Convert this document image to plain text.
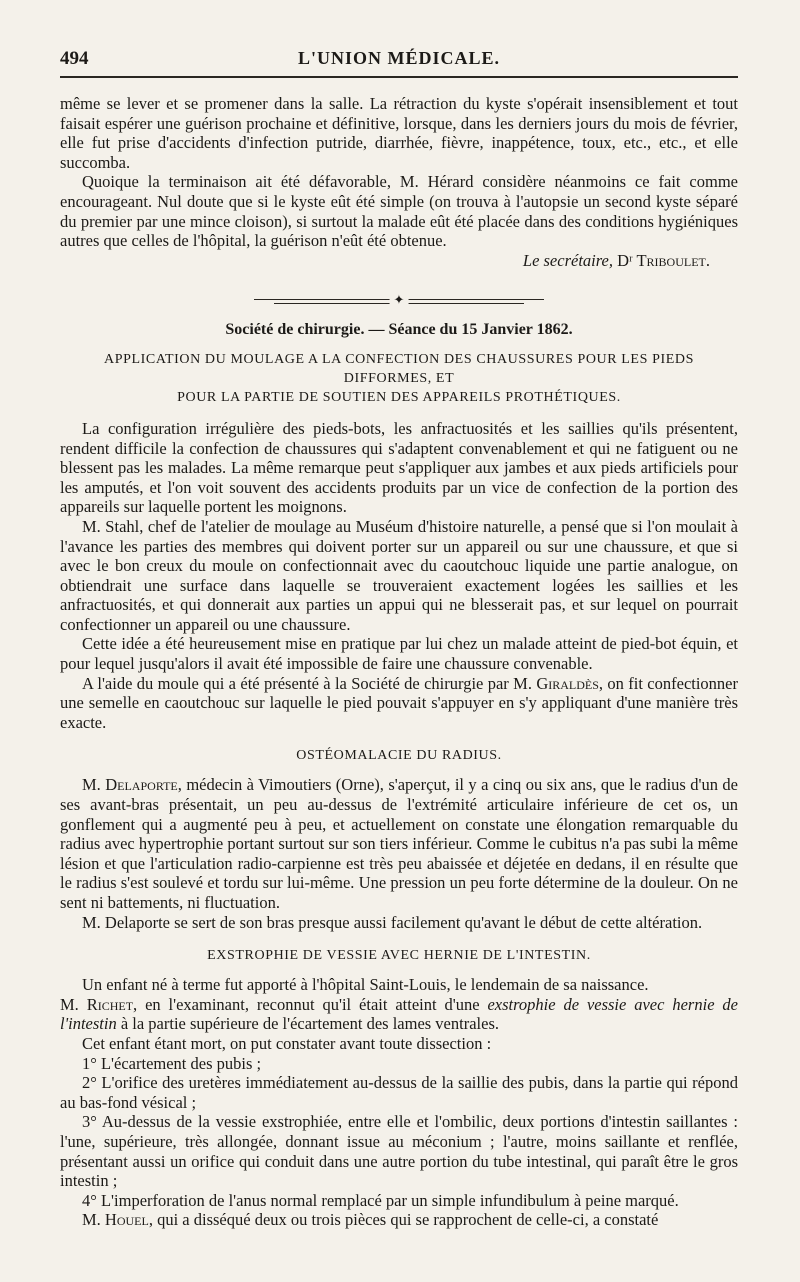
494	L'UNION MÉDICALE.

même se lever et se promener dans la salle. La rétraction du kyste s'opérait insensiblement et tout faisait espérer une guérison prochaine et définitive, lorsque, dans les derniers jours du mois de février, elle fut prise d'accidents d'infection putride, diarrhée, fièvre, inappétence, toux, etc., etc., et elle succomba.

Quoique la terminaison ait été défavorable, M. Hérard considère néanmoins ce fait comme encourageant. Nul doute que si le kyste eût été simple (on trouva à l'autopsie un second kyste séparé du premier par une mince cloison), si surtout la malade eût été placée dans des conditions hygiéniques autres que celles de l'hôpital, la guérison n'eût été obtenue.

Le secrétaire, Dʳ Triboulet.

✦

Société de chirurgie. — Séance du 15 Janvier 1862.

APPLICATION DU MOULAGE A LA CONFECTION DES CHAUSSURES POUR LES PIEDS DIFFORMES, ET
POUR LA PARTIE DE SOUTIEN DES APPAREILS PROTHÉTIQUES.

La configuration irrégulière des pieds-bots, les anfractuosités et les saillies qu'ils présentent, rendent difficile la confection de chaussures qui s'adaptent convenablement et qui ne fatiguent ou ne blessent pas les malades. La même remarque peut s'appliquer aux jambes et aux pieds artificiels pour les amputés, et l'on voit souvent des accidents produits par un vice de confection de la portion des appareils sur laquelle portent les moignons.

M. Stahl, chef de l'atelier de moulage au Muséum d'histoire naturelle, a pensé que si l'on moulait à l'avance les parties des membres qui doivent porter sur un appareil ou sur une chaussure, et que si avec le bon creux du moule on confectionnait avec du caoutchouc liquide une partie analogue, on obtiendrait une surface dans laquelle se trouveraient exactement logées les saillies et les anfractuosités, et qui donnerait aux parties un appui qui ne blesserait pas, et sur lequel on pourrait confectionner un appareil ou une chaussure.

Cette idée a été heureusement mise en pratique par lui chez un malade atteint de pied-bot équin, et pour lequel jusqu'alors il avait été impossible de faire une chaussure convenable.

A l'aide du moule qui a été présenté à la Société de chirurgie par M. Giraldès, on fit confectionner une semelle en caoutchouc sur laquelle le pied pouvait s'appuyer en s'y appliquant d'une manière très exacte.

OSTÉOMALACIE DU RADIUS.

M. Delaporte, médecin à Vimoutiers (Orne), s'aperçut, il y a cinq ou six ans, que le radius d'un de ses avant-bras présentait, un peu au-dessus de l'extrémité articulaire inférieure de cet os, un gonflement qui a augmenté peu à peu, et actuellement on constate une élongation remarquable du radius avec hypertrophie portant surtout sur son tiers inférieur. Comme le cubitus n'a pas subi la même lésion et que l'articulation radio-carpienne est très peu abaissée et déjetée en dedans, il en résulte que le radius s'est soulevé et tordu sur lui-même. Une pression un peu forte détermine de la douleur. On ne sent ni battements, ni fluctuation.

M. Delaporte se sert de son bras presque aussi facilement qu'avant le début de cette altération.

EXSTROPHIE DE VESSIE AVEC HERNIE DE L'INTESTIN.

Un enfant né à terme fut apporté à l'hôpital Saint-Louis, le lendemain de sa naissance.

M. Richet, en l'examinant, reconnut qu'il était atteint d'une exstrophie de vessie avec hernie de l'intestin à la partie supérieure de l'écartement des lames ventrales.

Cet enfant étant mort, on put constater avant toute dissection :

1° L'écartement des pubis ;

2° L'orifice des uretères immédiatement au-dessus de la saillie des pubis, dans la partie qui répond au bas-fond vésical ;

3° Au-dessus de la vessie exstrophiée, entre elle et l'ombilic, deux portions d'intestin saillantes : l'une, supérieure, très allongée, donnant issue au méconium ; l'autre, moins saillante et renflée, présentant aussi un orifice qui conduit dans une autre portion du tube intestinal, qui paraît être le gros intestin ;

4° L'imperforation de l'anus normal remplacé par un simple infundibulum à peine marqué.

M. Houel, qui a disséqué deux ou trois pièces qui se rapprochent de celle-ci, a constaté
